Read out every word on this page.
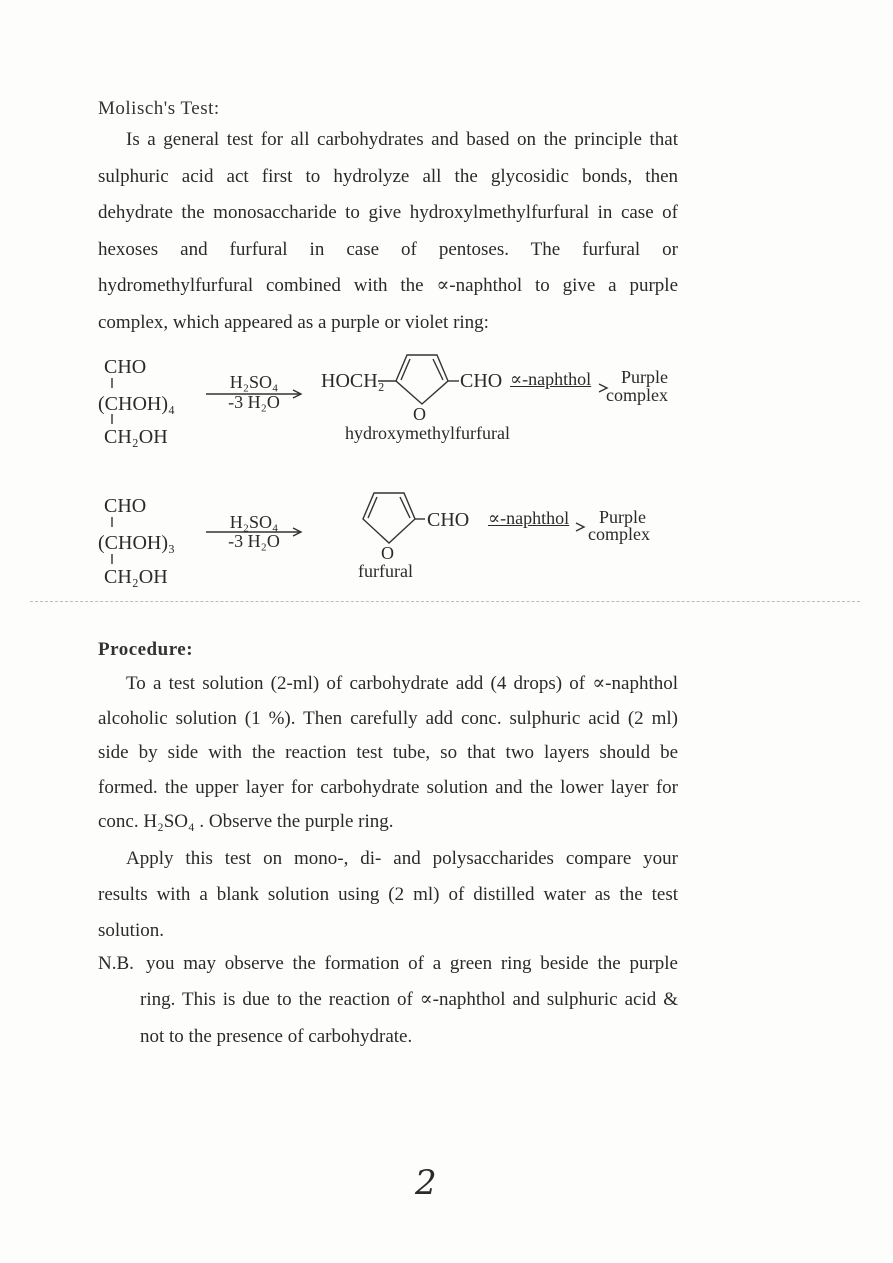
Molisch's Test:
Is a general test for all carbohydrates and based on the principle that
sulphuric acid act first to hydrolyze all the glycosidic bonds, then
dehydrate the monosaccharide to give hydroxylmethylfurfural in case of
hexoses and furfural in case of pentoses. The furfural or
hydromethylfurfural combined with the ∝-naphthol to give a purple
complex, which appeared as a purple or violet ring:
CHO
(CHOH)₄
CH₂OH
H₂SO₄
-3 H₂O
HOCH₂	CHO
O
∝-naphthol Purple
complex
hydroxymethylfurfural
CHO
(CHOH)₃
CH₂OH
H₂SO₄
-3 H₂O
CHO
O
∝-naphthol Purple
complex
furfural
Procedure:
To a test solution (2-ml) of carbohydrate add (4 drops) of ∝-naphthol
alcoholic solution (1 %). Then carefully add conc. sulphuric acid (2 ml)
side by side with the reaction test tube, so that two layers should be
formed. the upper layer for carbohydrate solution and the lower layer for
conc. H₂SO₄ . Observe the purple ring.
Apply this test on mono-, di- and polysaccharides compare your
results with a blank solution using (2 ml) of distilled water as the test
solution.
N.B. you may observe the formation of a green ring beside the purple
ring. This is due to the reaction of ∝-naphthol and sulphuric acid &
not to the presence of carbohydrate.
2
